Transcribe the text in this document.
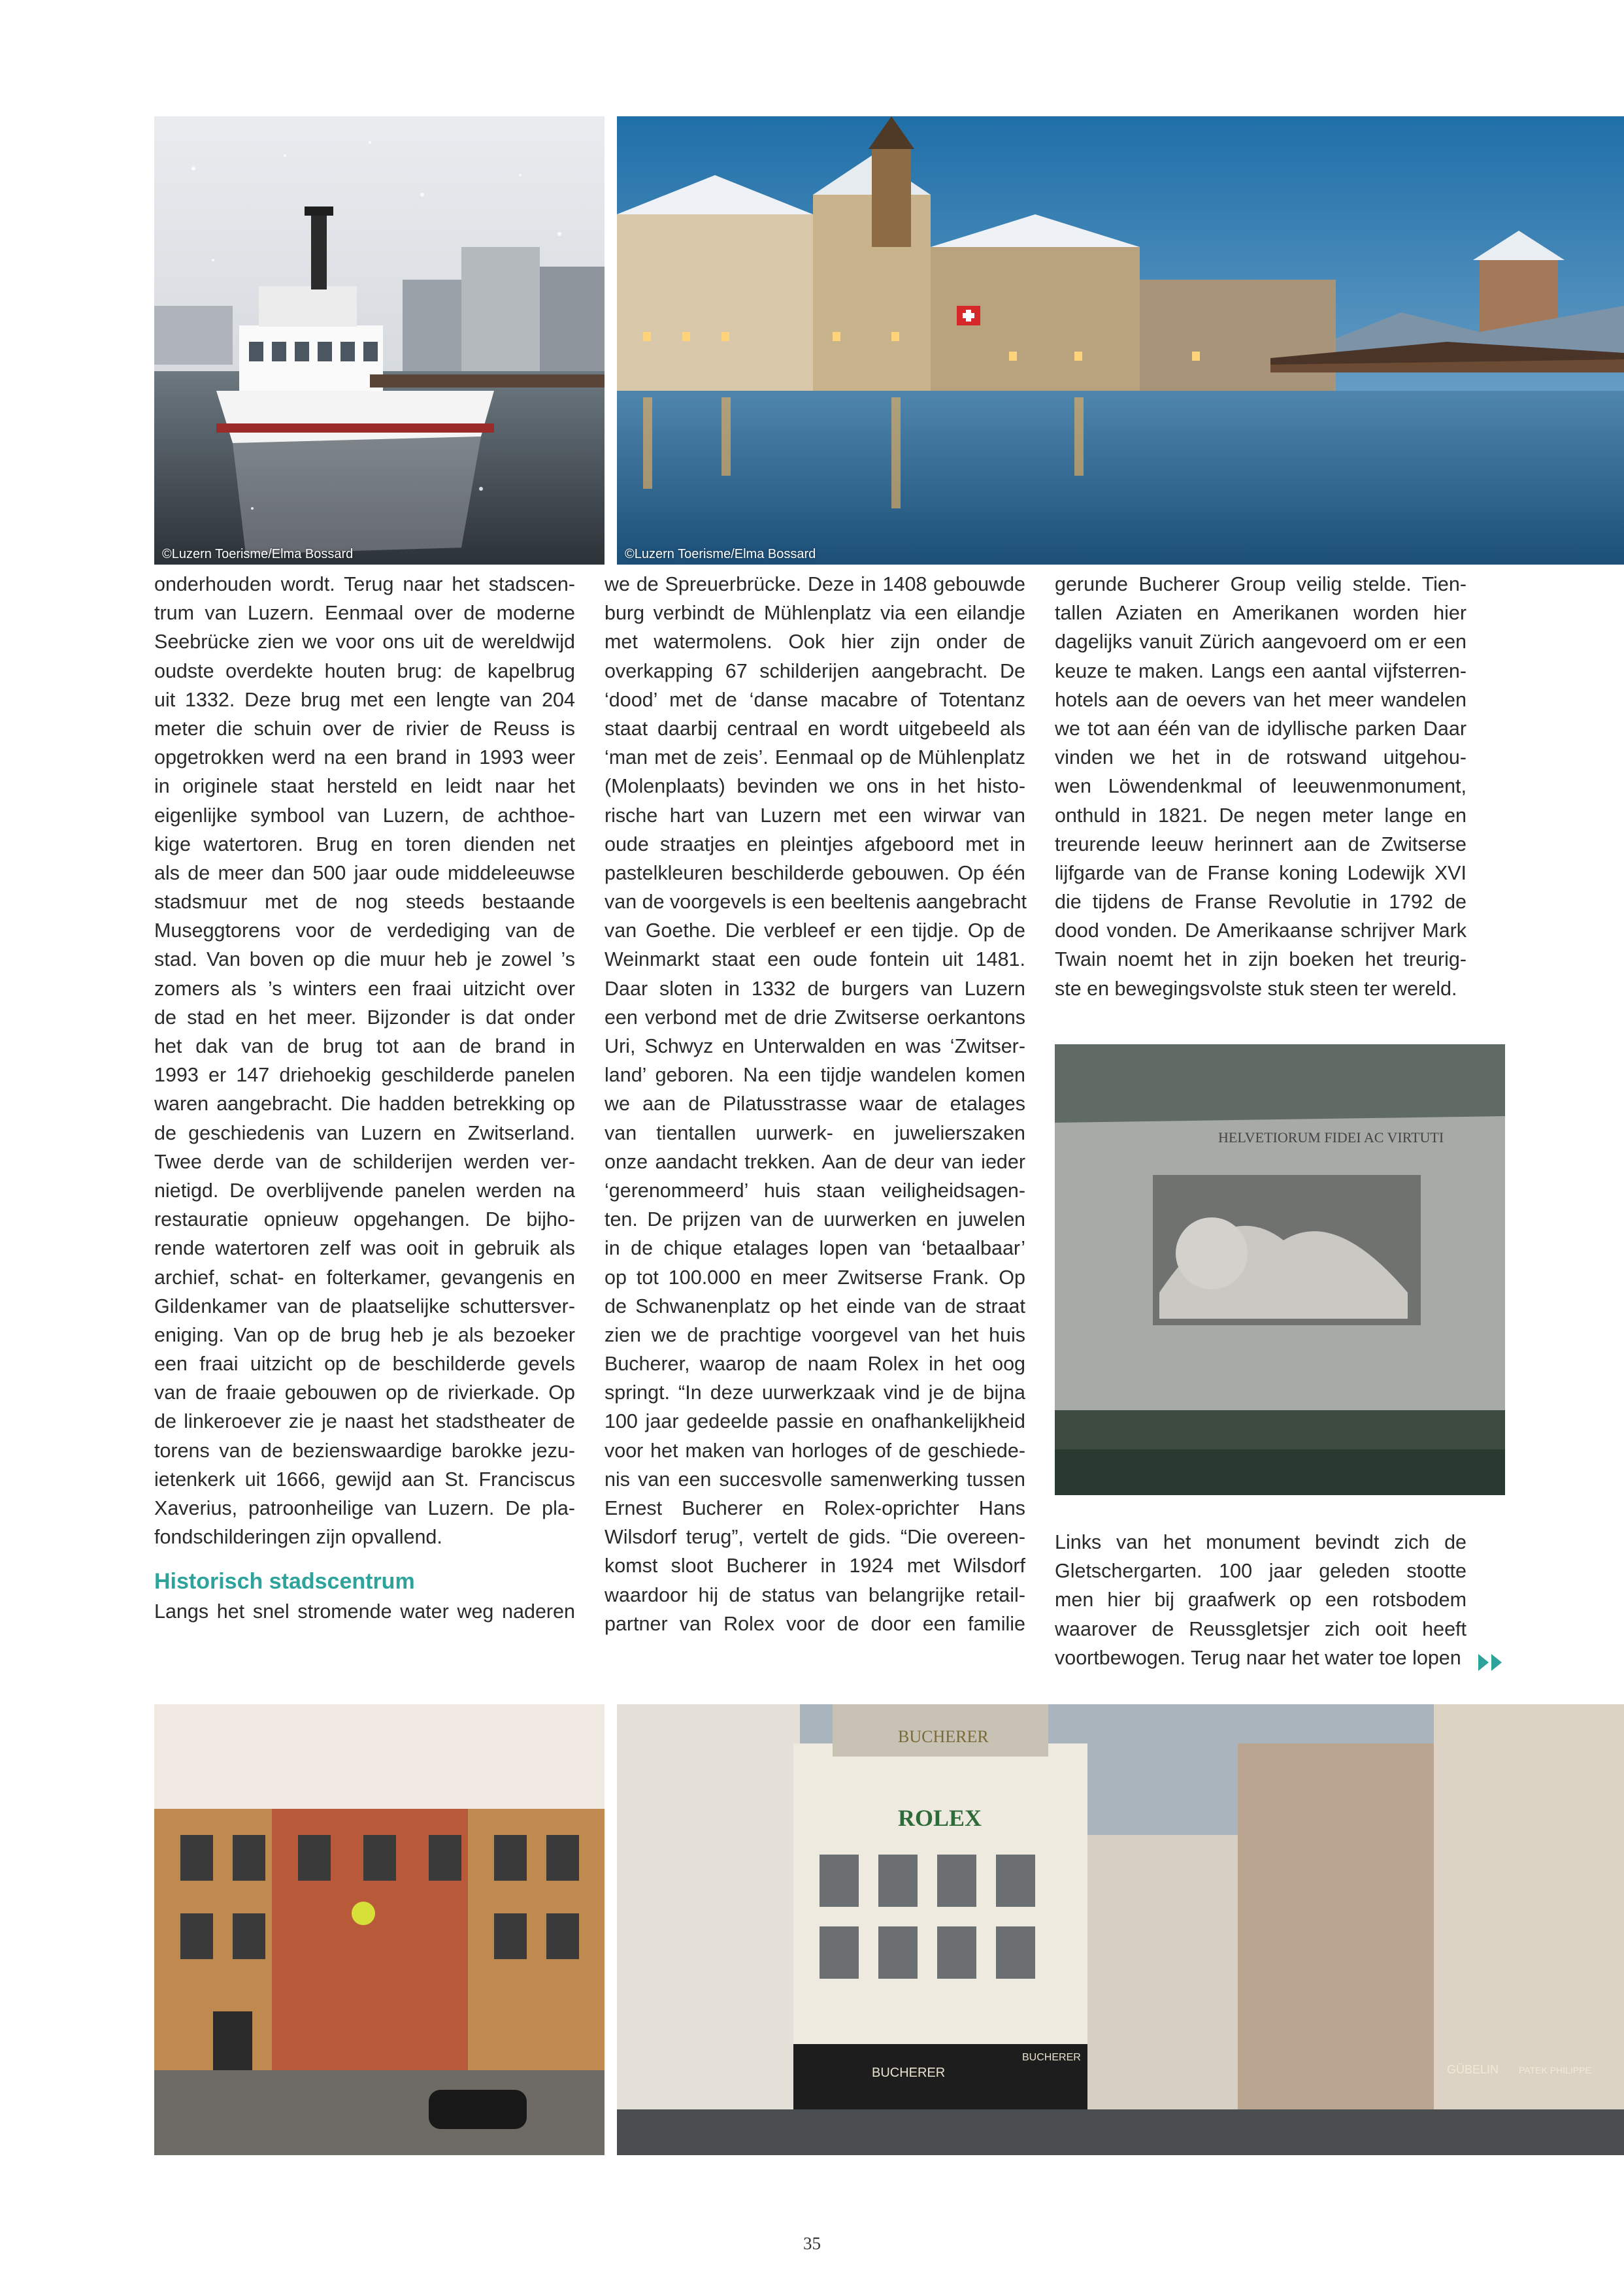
©Luzern Toerisme/Elma Bossard	©Luzern Toerisme/Elma Bossard
HELVETIORUM FIDEI AC VIRTUTI
BUCHERER
ROLEX
BUCHERER
BUCHERER
GÜBELIN PATEK PHILIPPE
onderhouden wordt. Terug naar het stadscen-
trum van Luzern. Eenmaal over de moderne
Seebrücke zien we voor ons uit de wereldwijd
oudste overdekte houten brug: de kapelbrug
uit 1332. Deze brug met een lengte van 204
meter die schuin over de rivier de Reuss is
opgetrokken werd na een brand in 1993 weer
in originele staat hersteld en leidt naar het
eigenlijke symbool van Luzern, de achthoe-
kige watertoren. Brug en toren dienden net
als de meer dan 500 jaar oude middeleeuwse
stadsmuur met de nog steeds bestaande
Museggtorens voor de verdediging van de
stad. Van boven op die muur heb je zowel ’s
zomers als ’s winters een fraai uitzicht over
de stad en het meer. Bijzonder is dat onder
het dak van de brug tot aan de brand in
1993 er 147 driehoekig geschilderde panelen
waren aangebracht. Die hadden betrekking op
de geschiedenis van Luzern en Zwitserland.
Twee derde van de schilderijen werden ver-
nietigd. De overblijvende panelen werden na
restauratie opnieuw opgehangen. De bijho-
rende watertoren zelf was ooit in gebruik als
archief, schat- en folterkamer, gevangenis en
Gildenkamer van de plaatselijke schuttersver-
eniging. Van op de brug heb je als bezoeker
een fraai uitzicht op de beschilderde gevels
van de fraaie gebouwen op de rivierkade. Op
de linkeroever zie je naast het stadstheater de
torens van de bezienswaardige barokke jezu-
ietenkerk uit 1666, gewijd aan St. Franciscus
Xaverius, patroonheilige van Luzern. De pla-
fondschilderingen zijn opvallend.
Historisch stadscentrum
Langs het snel stromende water weg naderen
we de Spreuerbrücke. Deze in 1408 gebouwde
burg verbindt de Mühlenplatz via een eilandje
met watermolens. Ook hier zijn onder de
overkapping 67 schilderijen aangebracht. De
‘dood’ met de ‘danse macabre of Totentanz
staat daarbij centraal en wordt uitgebeeld als
‘man met de zeis’. Eenmaal op de Mühlenplatz
(Molenplaats) bevinden we ons in het histo-
rische hart van Luzern met een wirwar van
oude straatjes en pleintjes afgeboord met in
pastelkleuren beschilderde gebouwen. Op één
van de voorgevels is een beeltenis aangebracht
van Goethe. Die verbleef er een tijdje. Op de
Weinmarkt staat een oude fontein uit 1481.
Daar sloten in 1332 de burgers van Luzern
een verbond met de drie Zwitserse oerkantons
Uri, Schwyz en Unterwalden en was ‘Zwitser-
land’ geboren. Na een tijdje wandelen komen
we aan de Pilatusstrasse waar de etalages
van tientallen uurwerk- en juwelierszaken
onze aandacht trekken. Aan de deur van ieder
‘gerenommeerd’ huis staan veiligheidsagen-
ten. De prijzen van de uurwerken en juwelen
in de chique etalages lopen van ‘betaalbaar’
op tot 100.000 en meer Zwitserse Frank. Op
de Schwanenplatz op het einde van de straat
zien we de prachtige voorgevel van het huis
Bucherer, waarop de naam Rolex in het oog
springt. “In deze uurwerkzaak vind je de bijna
100 jaar gedeelde passie en onafhankelijkheid
voor het maken van horloges of de geschiede-
nis van een succesvolle samenwerking tussen
Ernest Bucherer en Rolex-oprichter Hans
Wilsdorf terug”, vertelt de gids. “Die overeen-
komst sloot Bucherer in 1924 met Wilsdorf
waardoor hij de status van belangrijke retail-
partner van Rolex voor de door een familie
gerunde Bucherer Group veilig stelde. Tien-
tallen Aziaten en Amerikanen worden hier
dagelijks vanuit Zürich aangevoerd om er een
keuze te maken. Langs een aantal vijfsterren-
hotels aan de oevers van het meer wandelen
we tot aan één van de idyllische parken Daar
vinden we het in de rotswand uitgehou-
wen Löwendenkmal of leeuwenmonument,
onthuld in 1821. De negen meter lange en
treurende leeuw herinnert aan de Zwitserse
lijfgarde van de Franse koning Lodewijk XVI
die tijdens de Franse Revolutie in 1792 de
dood vonden. De Amerikaanse schrijver Mark
Twain noemt het in zijn boeken het treurig-
ste en bewegingsvolste stuk steen ter wereld.
Links van het monument bevindt zich de
Gletschergarten. 100 jaar geleden stootte
men hier bij graafwerk op een rotsbodem
waarover de Reussgletsjer zich ooit heeft
voortbewogen. Terug naar het water toe lopen
35
